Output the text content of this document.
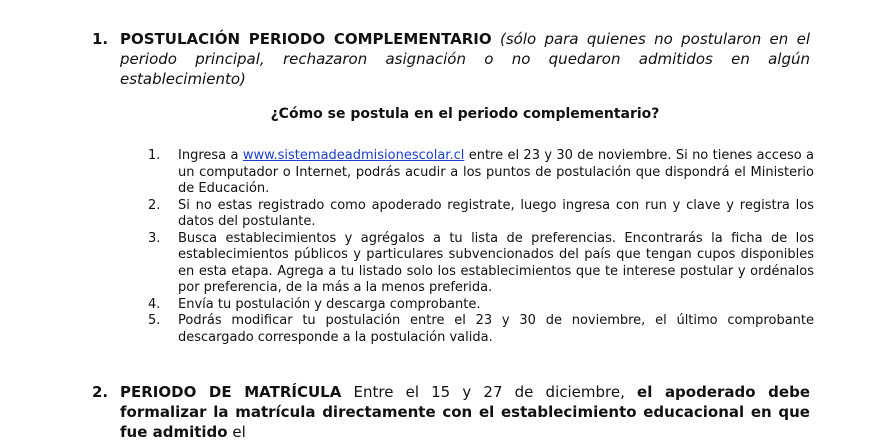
1. POSTULACIÓN PERIODO COMPLEMENTARIO (sólo para quienes no postularon en el periodo principal, rechazaron asignación o no quedaron admitidos en algún establecimiento)
¿Cómo se postula en el periodo complementario?
1.	Ingresa a www.sistemadeadmisionescolar.cl entre el 23 y 30 de noviembre. Si no tienes acceso a un computador o Internet, podrás acudir a los puntos de postulación que dispondrá el Ministerio de Educación.
2.	Si no estas registrado como apoderado registrate, luego ingresa con run y clave y registra los datos del postulante.
3.	Busca establecimientos y agrégalos a tu lista de preferencias. Encontrarás la ficha de los establecimientos públicos y particulares subvencionados del país que tengan cupos disponibles en esta etapa. Agrega a tu listado solo los establecimientos que te interese postular y ordénalos por preferencia, de la más a la menos preferida.
4.	Envía tu postulación y descarga comprobante.
5.	Podrás modificar tu postulación entre el 23 y 30 de noviembre, el último comprobante descargado corresponde a la postulación valida.
2. PERIODO DE MATRÍCULA Entre el 15 y 27 de diciembre, el apoderado debe formalizar la matrícula directamente con el establecimiento educacional en que fue admitido el
